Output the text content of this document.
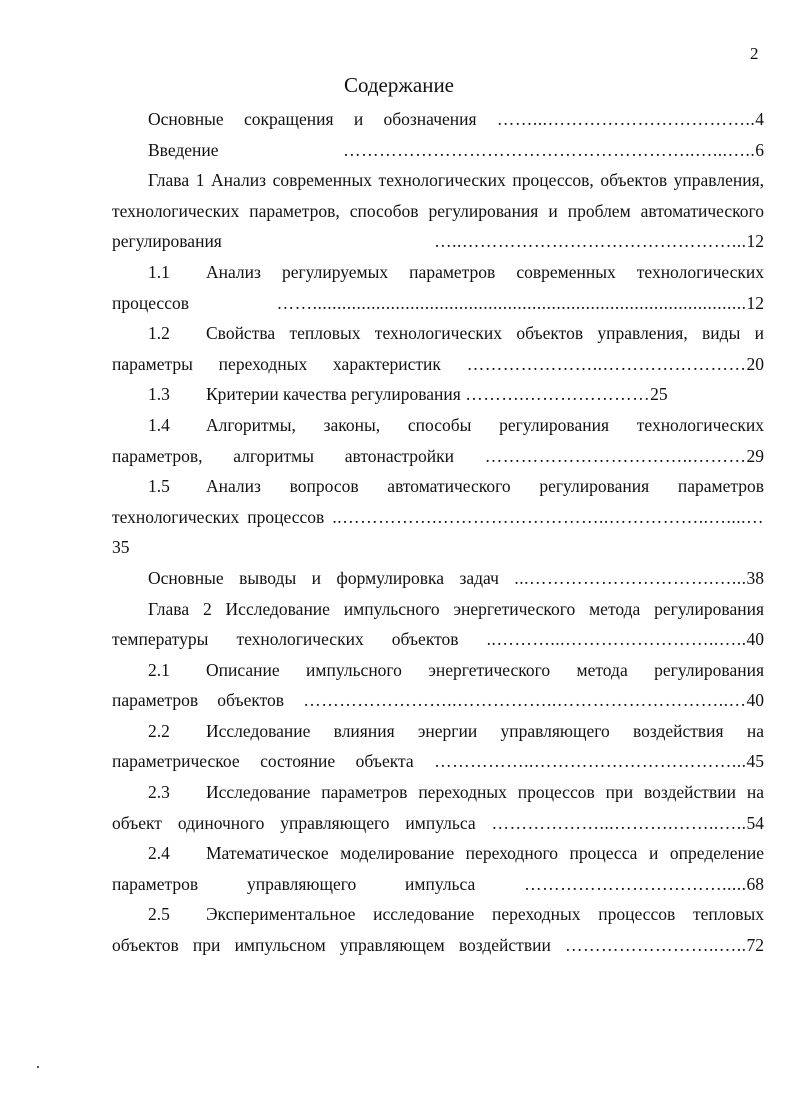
2
Содержание

Основные сокращения и обозначения ……...……………………………..4

Введение	…………………………………………………..…...…..6

Глава 1 Анализ современных технологических процессов, объектов управления, технологических параметров, способов регулирования и проблем автоматического регулирования	…..………………………………………...12

1.1 Анализ регулируемых параметров современных технологических процессов	…….........................................................................................12

1.2 Свойства тепловых технологических объектов управления, виды и параметры переходных характеристик …………………..……………………20

1.3 Критерии качества регулирования ……….…………………25

1.4 Алгоритмы, законы, способы регулирования технологических параметров, алгоритмы автонастройки ……………………………..………29

1.5 Анализ вопросов автоматического регулирования параметров технологических процессов ..…………….………………………..……………..…....…35

Основные выводы и формулировка задач ...………………………….…...38

Глава 2 Исследование импульсного энергетического метода регулирования температуры технологических объектов ..………...……………………..…..40

2.1 Описание импульсного энергетического метода регулирования параметров объектов ……………………..……………..………………………..…40

2.2 Исследование влияния энергии управляющего воздействия на параметрическое состояние объекта ……………..……………………………...45

2.3 Исследование параметров переходных процессов при воздействии на объект одиночного управляющего импульса ………………...……….……..…..54

2.4 Математическое моделирование переходного процесса и определение параметров управляющего импульса	…………………………….....68

2.5 Экспериментальное исследование переходных процессов тепловых объектов при импульсном управляющем воздействии ……………………..…..72
